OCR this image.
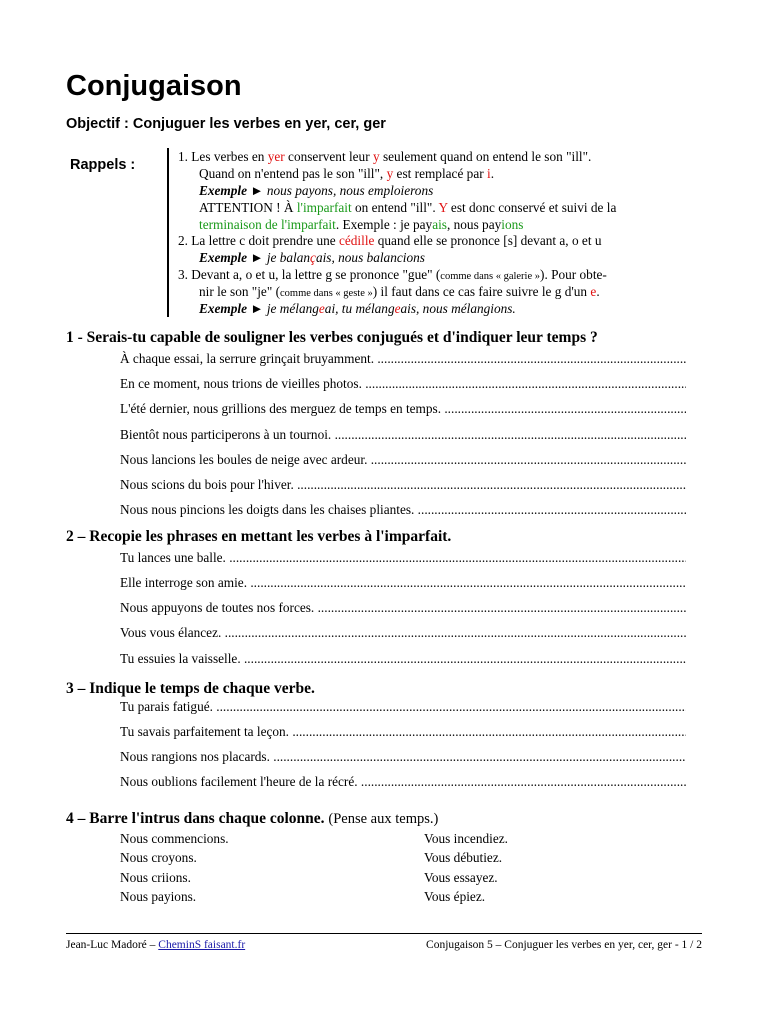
Conjugaison
Objectif : Conjuguer les verbes en yer, cer, ger
Rappels :
1. Les verbes en yer conservent leur y seulement quand on entend le son "ill".
Quand on n'entend pas le son "ill", y est remplacé par i.
Exemple ► nous payons, nous emploierons
ATTENTION ! À l'imparfait on entend "ill". Y est donc conservé et suivi de la
terminaison de l'imparfait. Exemple : je payais, nous payions
2. La lettre c doit prendre une cédille quand elle se prononce [s] devant a, o et u
Exemple ► je balançais, nous balancions
3. Devant a, o et u, la lettre g se prononce "gue" (comme dans « galerie »). Pour obte-
nir le son "je" (comme dans « geste ») il faut dans ce cas faire suivre le g d'un e.
Exemple ► je mélangeai, tu mélangeais, nous mélangions.
1 - Serais-tu capable de souligner les verbes conjugués et d'indiquer leur temps ?
À chaque essai, la serrure grinçait bruyamment. .....
En ce moment, nous trions de vieilles photos. .....
L'été dernier, nous grillions des merguez de temps en temps. .....
Bientôt nous participerons à un tournoi. .....
Nous lancions les boules de neige avec ardeur. .....
Nous scions du bois pour l'hiver. .....
Nous nous pincions les doigts dans les chaises pliantes. .....
2 – Recopie les phrases en mettant les verbes à l'imparfait.
Tu lances une balle. .....
Elle interroge son amie. .....
Nous appuyons de toutes nos forces. .....
Vous vous élancez. .....
Tu essuies la vaisselle. .....
3 – Indique le temps de chaque verbe.
Tu parais fatigué. .....
Tu savais parfaitement ta leçon. .....
Nous rangions nos placards. .....
Nous oublions facilement l'heure de la récré. .....
4 – Barre l'intrus dans chaque colonne. (Pense aux temps.)
Nous commencions.
Nous croyons.
Nous criions.
Nous payions.
Vous incendiez.
Vous débutiez.
Vous essayez.
Vous épiez.
Jean-Luc Madoré – CheminS faisant.fr	Conjugaison 5 – Conjuguer les verbes en yer, cer, ger - 1 / 2
